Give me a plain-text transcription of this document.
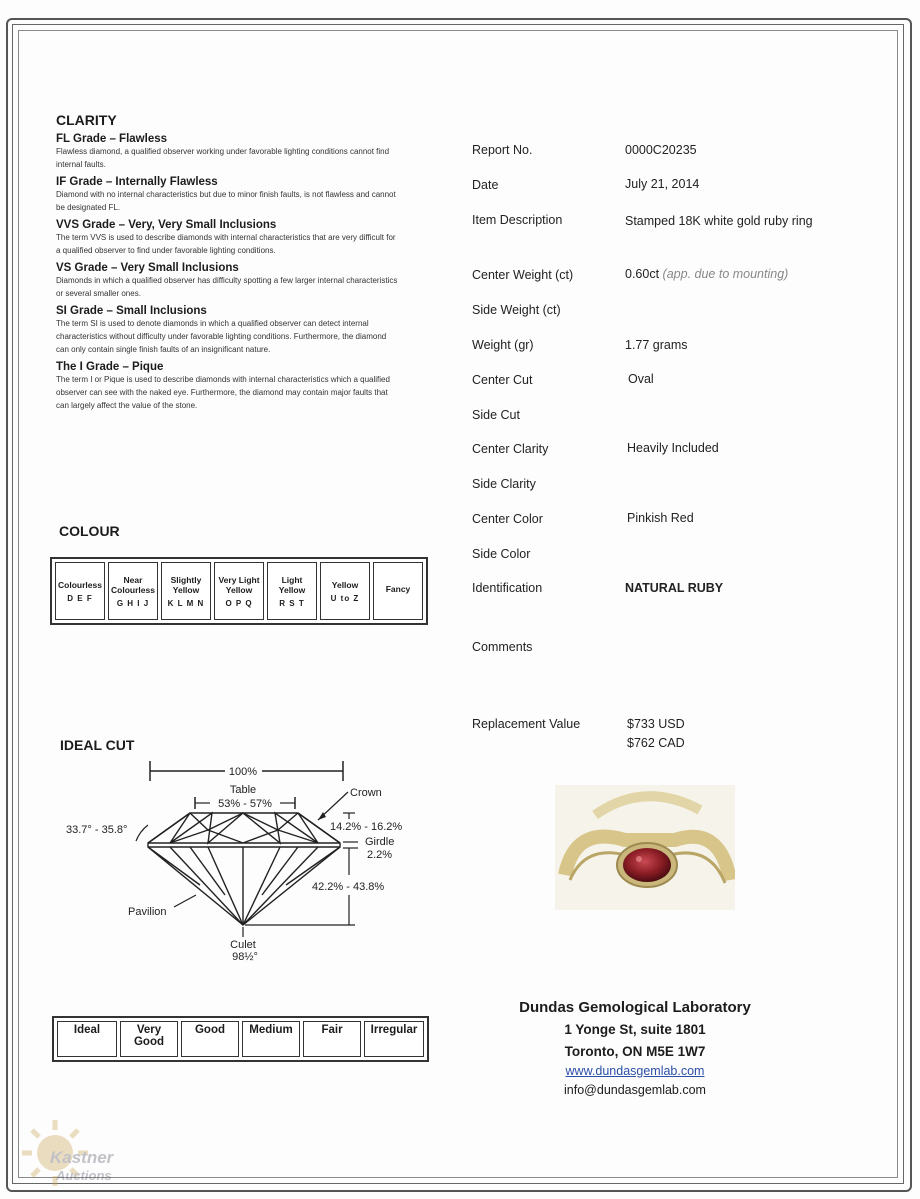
CLARITY
FL Grade – Flawless
Flawless diamond, a qualified observer working under favorable lighting conditions cannot find internal faults.
IF Grade – Internally Flawless
Diamond with no internal characteristics but due to minor finish faults, is not flawless and cannot be designated FL.
VVS Grade – Very, Very Small Inclusions
The term VVS is used to describe diamonds with internal characteristics that are very difficult for a qualified observer to find under favorable lighting conditions.
VS Grade – Very Small Inclusions
Diamonds in which a qualified observer has difficulty spotting a few larger internal characteristics or several smaller ones.
SI Grade – Small Inclusions
The term SI is used to denote diamonds in which a qualified observer can detect internal characteristics without difficulty under favorable lighting conditions. Furthermore, the diamond can only contain single finish faults of an insignificant nature.
The I Grade – Pique
The term I or Pique is used to describe diamonds with internal characteristics which a qualified observer can see with the naked eye. Furthermore, the diamond may contain major faults that can largely affect the value of the stone.
COLOUR
Colourless
D E F
	Near Colourless
G H I J
	Slightly Yellow
K L M N
	Very Light Yellow
O P Q
	Light Yellow
R S T
	Yellow
U to Z
	Fancy
IDEAL CUT
100%
Table
53% - 57%
Crown
33.7° - 35.8°	14.2% - 16.2%
Girdle
2.2%
42.2% - 43.8%
Pavilion
Culet
98½°
Ideal	Very Good	Good	Medium	Fair	Irregular
Report No.	0000C20235
Date	July 21, 2014
Item Description	Stamped 18K white gold ruby ring
Center Weight (ct)	0.60ct (app. due to mounting)
Side Weight (ct)
Weight (gr)	1.77 grams
Center Cut	Oval
Side Cut
Center Clarity	Heavily Included
Side Clarity
Center Color	Pinkish Red
Side Color
Identification	NATURAL RUBY
Comments
Replacement Value	$733 USD
$762 CAD
Dundas Gemological Laboratory
1 Yonge St, suite 1801
Toronto, ON M5E 1W7
www.dundasgemlab.com
info@dundasgemlab.com
Kastner
Auctions
